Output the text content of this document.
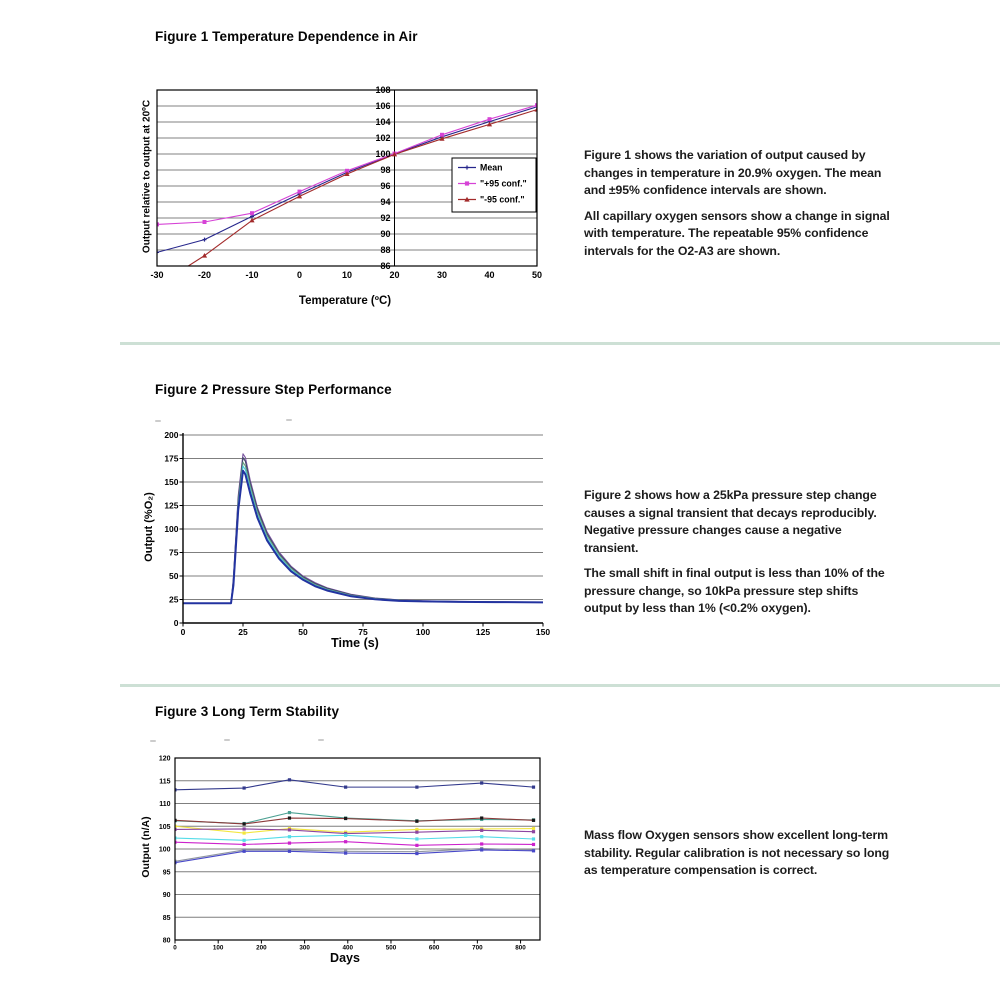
Figure 1 Temperature Dependence in Air
Output relative to output at 20ºC
-30	-20	-10	0	10	20	30	40	50
86
88
90
92
94
96
98
100
102
104
106
108
Mean
"+95 conf."
"-95 conf."
Temperature (ºC)

Figure 1 shows the variation of output caused by changes in temperature in 20.9% oxygen. The mean and ±95% confidence intervals are shown.

All capillary oxygen sensors show a change in signal with temperature. The repeatable 95% confidence intervals for the O2-A3 are shown.

Figure 2 Pressure Step Performance
Output (%O₂)
0	25	50	75	100	125	150
0
25
50
75
100
125
150
175
200
Time (s)

Figure 2 shows how a 25kPa pressure step change causes a signal transient that decays reproducibly. Negative pressure changes cause a negative transient.

The small shift in final output is less than 10% of the pressure change, so 10kPa pressure step shifts output by less than 1% (<0.2% oxygen).

Figure 3 Long Term Stability
Output (n/A)
0	100	200	300	400	500	600	700	800
80
85
90
95
100
105
110
115
120
Days

Mass flow Oxygen sensors show excellent long-term stability. Regular calibration is not necessary so long as temperature compensation is correct.
